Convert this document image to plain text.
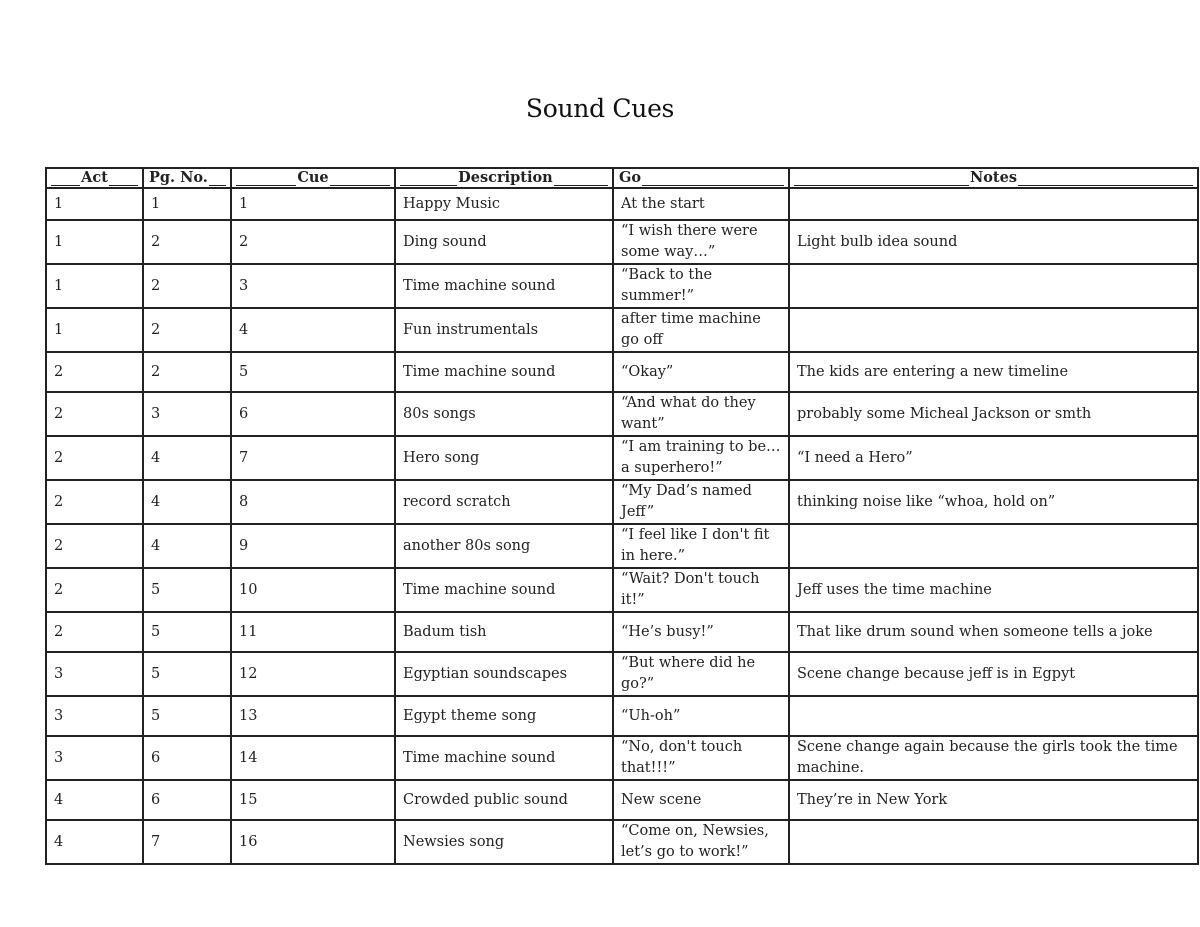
Sound Cues
Act	Pg. No.	Cue	Description	Go	Notes

1	1	1	Happy Music	At the start	
1	2	2	Ding sound	“I wish there were some way…”	Light bulb idea sound
1	2	3	Time machine sound	“Back to the summer!”	
1	2	4	Fun instrumentals	after time machine go off	
2	2	5	Time machine sound	“Okay”	The kids are entering a new timeline
2	3	6	80s songs	“And what do they want”	probably some Micheal Jackson or smth
2	4	7	Hero song	“I am training to be… a superhero!”	“I need a Hero”
2	4	8	record scratch	“My Dad’s named Jeff”	thinking noise like “whoa, hold on”
2	4	9	another 80s song	“I feel like I don't fit in here.”	
2	5	10	Time machine sound	“Wait? Don't touch it!”	Jeff uses the time machine
2	5	11	Badum tish	“He’s busy!”	That like drum sound when someone tells a joke
3	5	12	Egyptian soundscapes	“But where did he go?”	Scene change because jeff is in Egpyt
3	5	13	Egypt theme song	“Uh-oh”	
3	6	14	Time machine sound	“No, don't touch that!!!”	Scene change again because the girls took the time machine.
4	6	15	Crowded public sound	New scene	They’re in New York
4	7	16	Newsies song	“Come on, Newsies, let’s go to work!”	
